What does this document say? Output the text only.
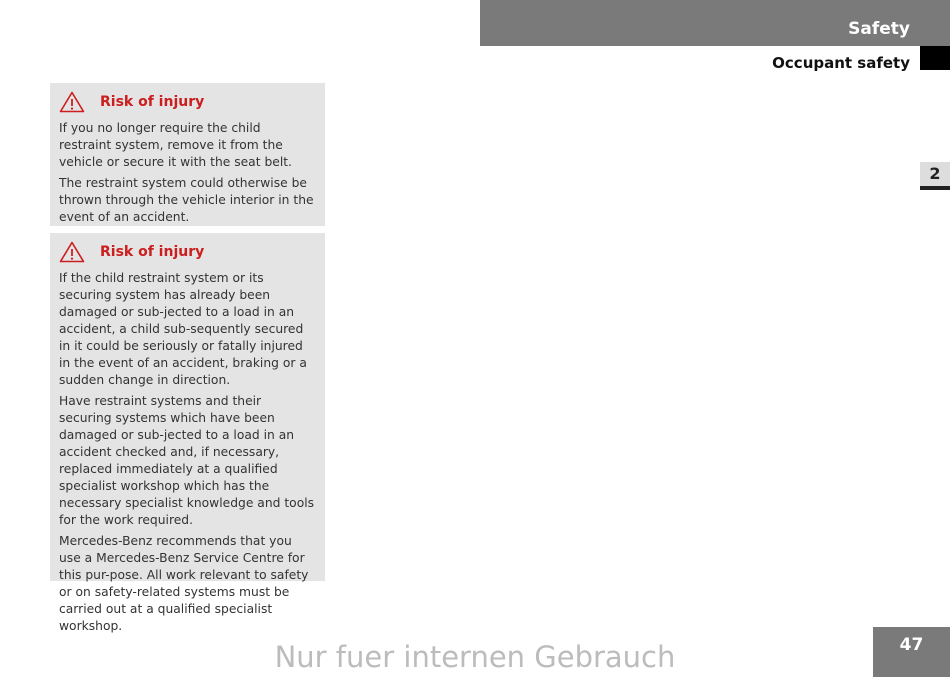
Safety
Occupant safety
2
Risk of injury

If you no longer require the child restraint system, remove it from the vehicle or secure it with the seat belt.

The restraint system could otherwise be thrown through the vehicle interior in the event of an accident.

Risk of injury

If the child restraint system or its securing system has already been damaged or sub-jected to a load in an accident, a child sub-sequently secured in it could be seriously or fatally injured in the event of an accident, braking or a sudden change in direction.

Have restraint systems and their securing systems which have been damaged or sub-jected to a load in an accident checked and, if necessary, replaced immediately at a qualified specialist workshop which has the necessary specialist knowledge and tools for the work required.

Mercedes-Benz recommends that you use a Mercedes-Benz Service Centre for this pur-pose. All work relevant to safety or on safety-related systems must be carried out at a qualified specialist workshop.

47
Nur fuer internen Gebrauch
